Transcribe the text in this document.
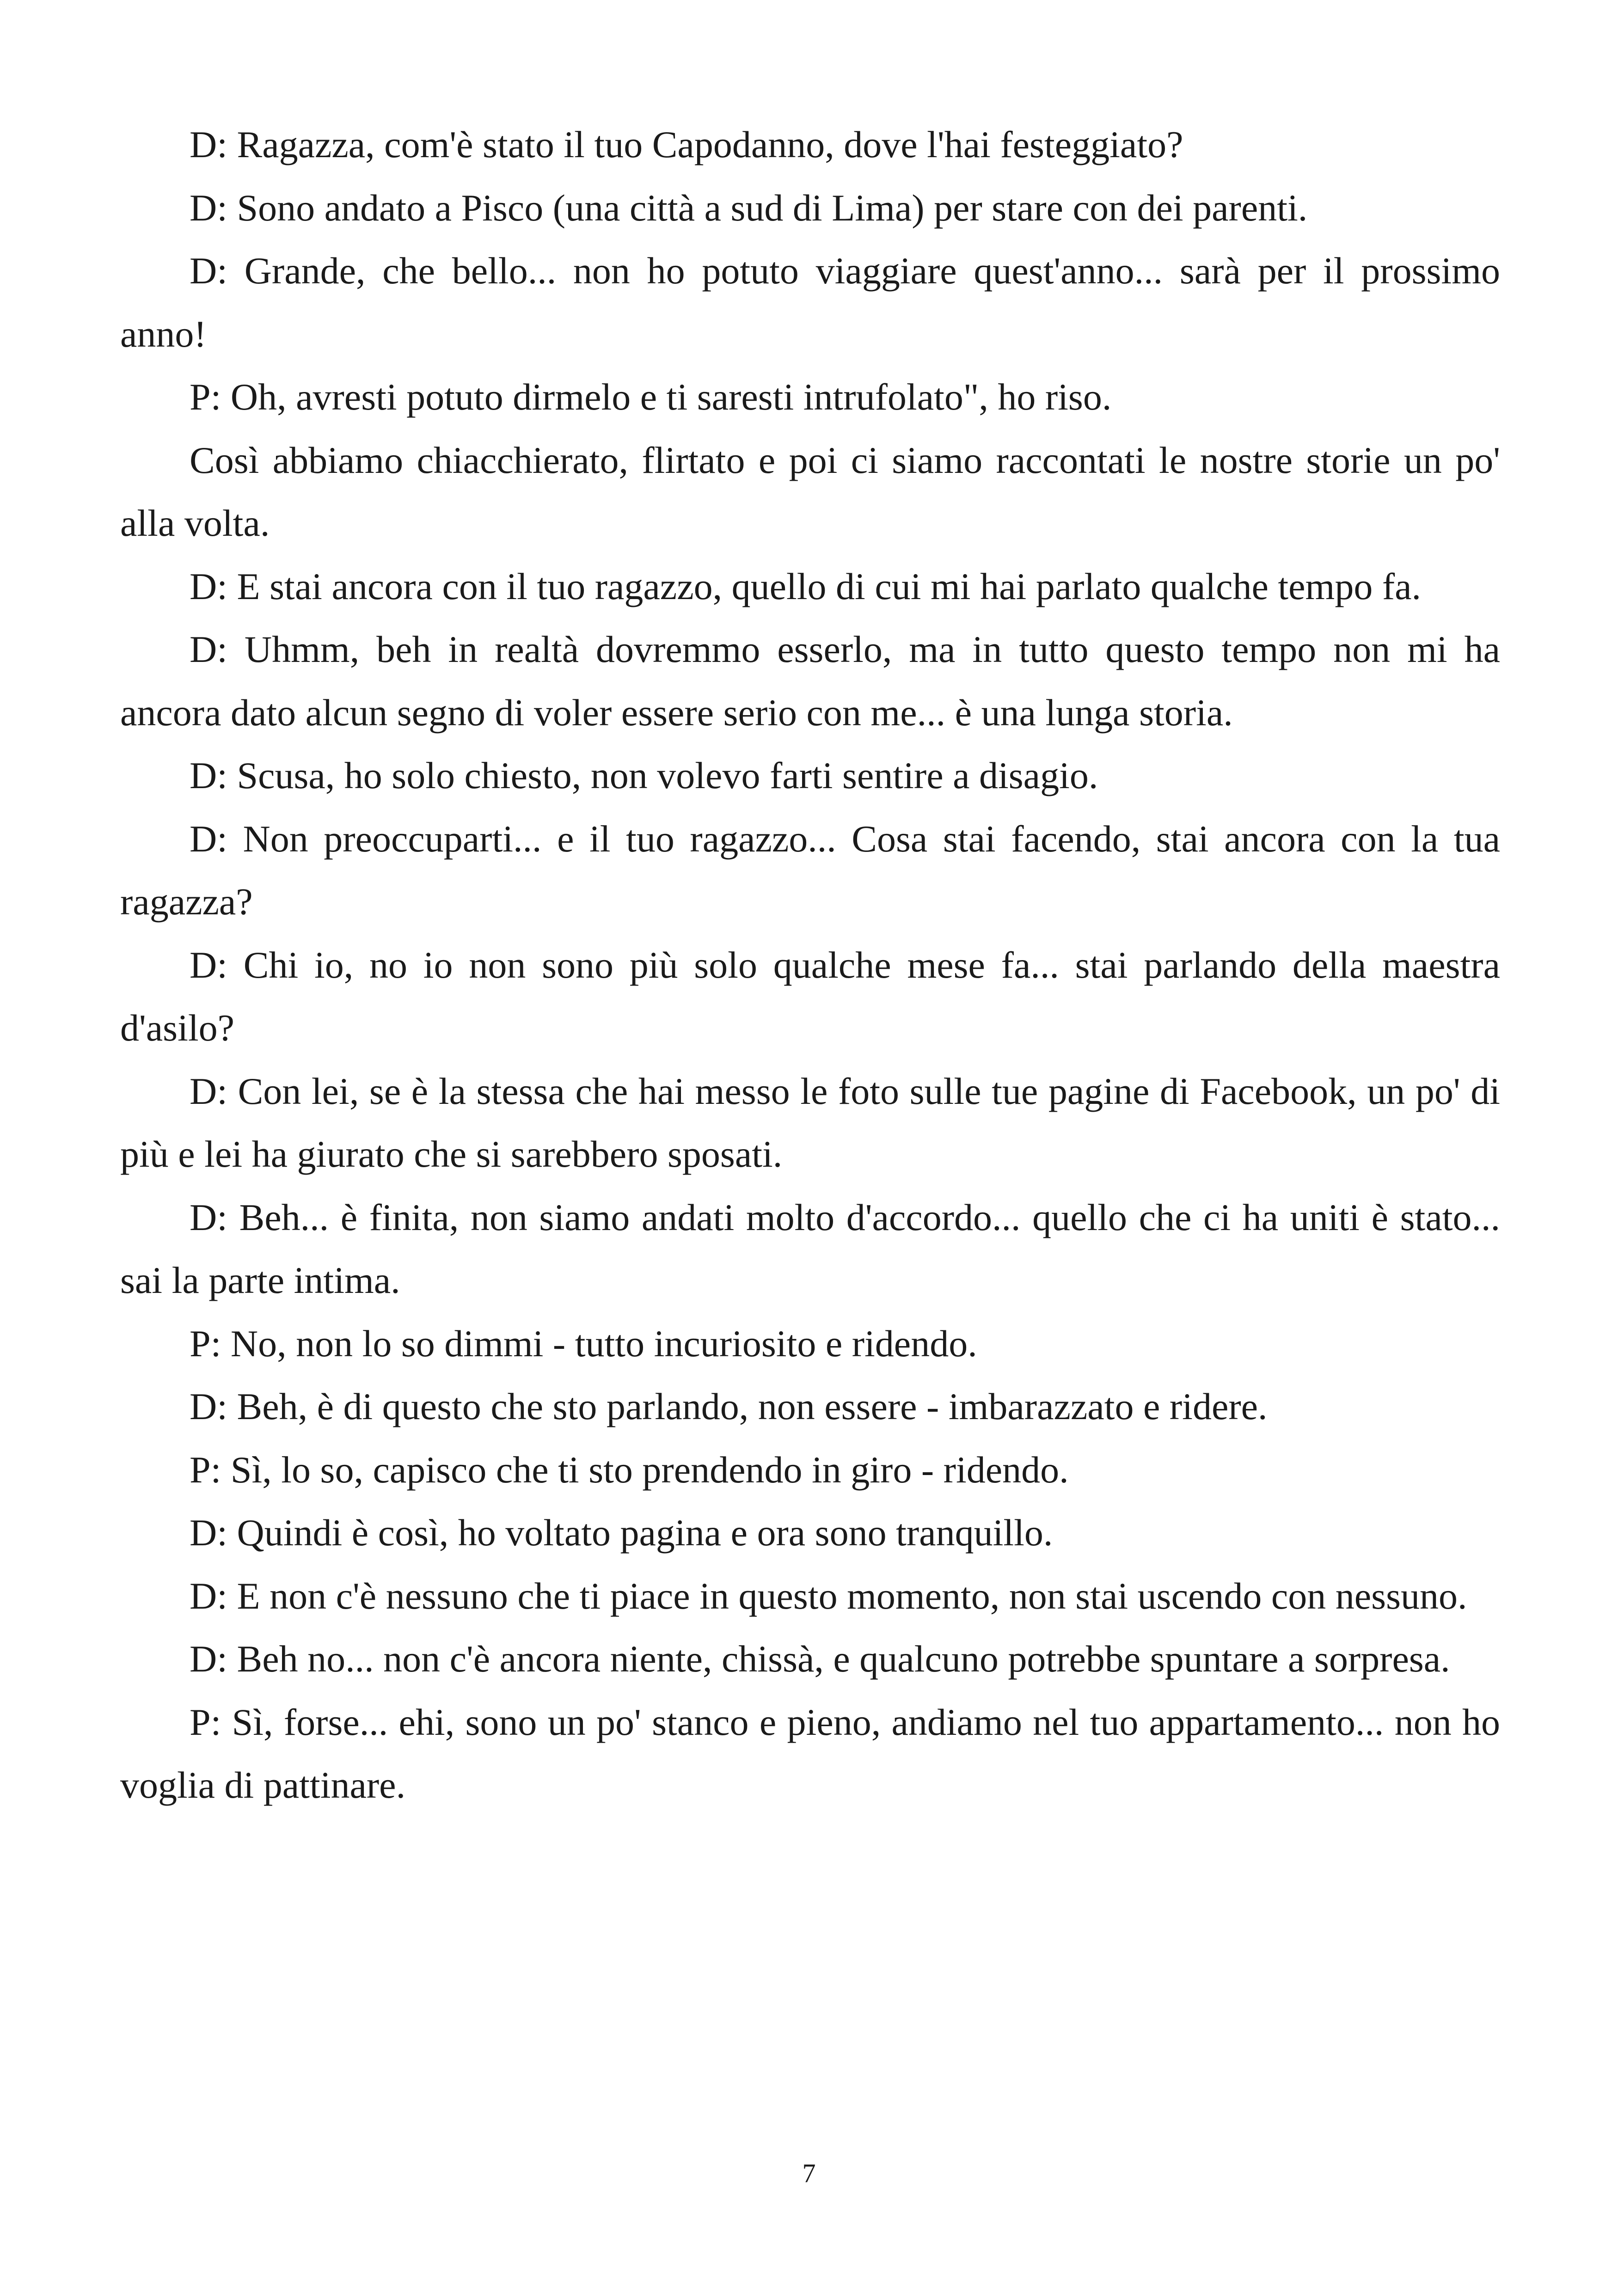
D: Ragazza, com'è stato il tuo Capodanno, dove l'hai festeggiato?

D: Sono andato a Pisco (una città a sud di Lima) per stare con dei parenti.

D: Grande, che bello... non ho potuto viaggiare quest'anno... sarà per il prossimo anno!

P: Oh, avresti potuto dirmelo e ti saresti intrufolato", ho riso.

Così abbiamo chiacchierato, flirtato e poi ci siamo raccontati le nostre storie un po' alla volta.

D: E stai ancora con il tuo ragazzo, quello di cui mi hai parlato qualche tempo fa.

D: Uhmm, beh in realtà dovremmo esserlo, ma in tutto questo tempo non mi ha ancora dato alcun segno di voler essere serio con me... è una lunga storia.

D: Scusa, ho solo chiesto, non volevo farti sentire a disagio.

D: Non preoccuparti... e il tuo ragazzo... Cosa stai facendo, stai ancora con la tua ragazza?

D: Chi io, no io non sono più solo qualche mese fa... stai parlando della maestra d'asilo?

D: Con lei, se è la stessa che hai messo le foto sulle tue pagine di Facebook, un po' di più e lei ha giurato che si sarebbero sposati.

D: Beh... è finita, non siamo andati molto d'accordo... quello che ci ha uniti è stato... sai la parte intima.

P: No, non lo so dimmi - tutto incuriosito e ridendo.

D: Beh, è di questo che sto parlando, non essere - imbarazzato e ridere.

P: Sì, lo so, capisco che ti sto prendendo in giro - ridendo.

D: Quindi è così, ho voltato pagina e ora sono tranquillo.

D: E non c'è nessuno che ti piace in questo momento, non stai uscendo con nessuno.

D: Beh no... non c'è ancora niente, chissà, e qualcuno potrebbe spuntare a sorpresa.

P: Sì, forse... ehi, sono un po' stanco e pieno, andiamo nel tuo appartamento... non ho voglia di pattinare.

7
